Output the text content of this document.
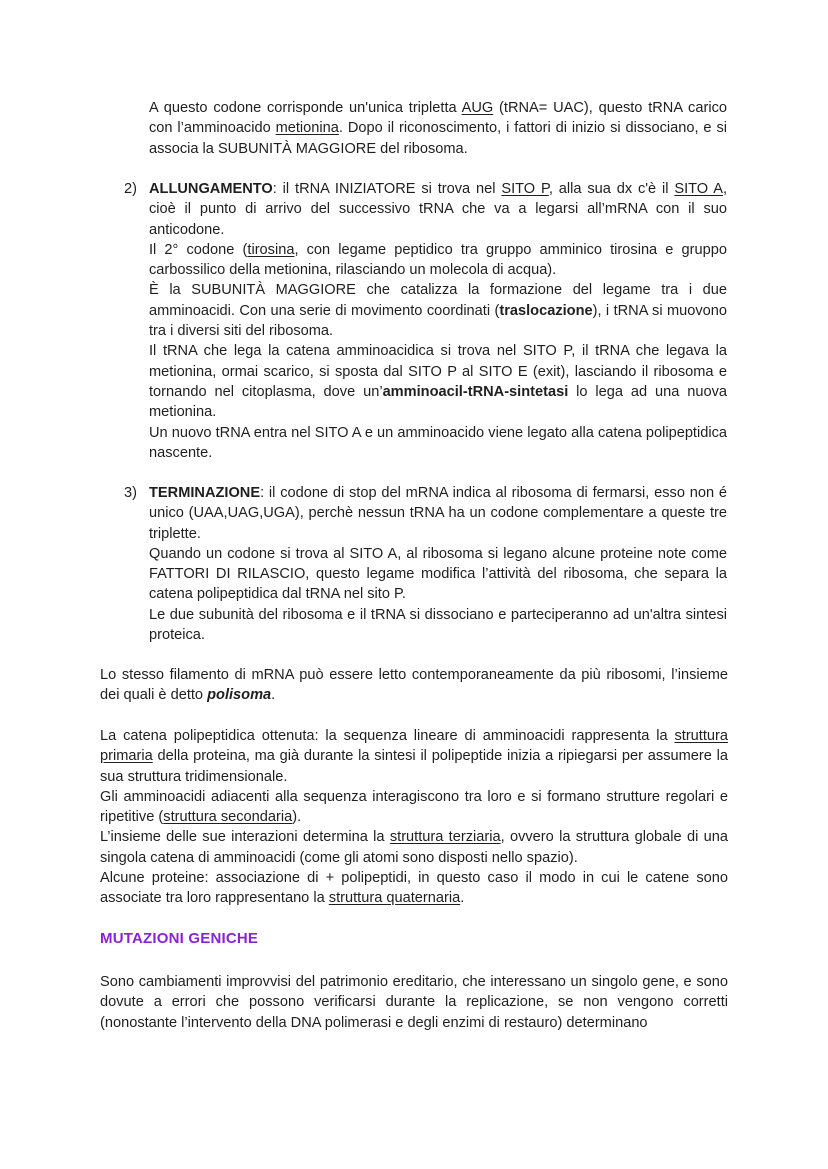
A questo codone corrisponde un'unica tripletta AUG (tRNA= UAC), questo tRNA carico con l’amminoacido metionina. Dopo il riconoscimento, i fattori di inizio si dissociano, e si associa la SUBUNITÀ MAGGIORE del ribosoma.

2) ALLUNGAMENTO: il tRNA INIZIATORE si trova nel SITO P, alla sua dx c'è il SITO A, cioè il punto di arrivo del successivo tRNA che va a legarsi all’mRNA con il suo anticodone.
Il 2° codone (tirosina, con legame peptidico tra gruppo amminico tirosina e gruppo carbossilico della metionina, rilasciando un molecola di acqua).
È la SUBUNITÀ MAGGIORE che catalizza la formazione del legame tra i due amminoacidi. Con una serie di movimento coordinati (traslocazione), i tRNA si muovono tra i diversi siti del ribosoma.
Il tRNA che lega la catena amminoacidica si trova nel SITO P, il tRNA che legava la metionina, ormai scarico, si sposta dal SITO P al SITO E (exit), lasciando il ribosoma e tornando nel citoplasma, dove un’amminoacil-tRNA-sintetasi lo lega ad una nuova metionina.
Un nuovo tRNA entra nel SITO A e un amminoacido viene legato alla catena polipeptidica nascente.
3) TERMINAZIONE: il codone di stop del mRNA indica al ribosoma di fermarsi, esso non é unico (UAA,UAG,UGA), perchè nessun tRNA ha un codone complementare a queste tre triplette.
Quando un codone si trova al SITO A, al ribosoma si legano alcune proteine note come FATTORI DI RILASCIO, questo legame modifica l’attività del ribosoma, che separa la catena polipeptidica dal tRNA nel sito P.
Le due subunità del ribosoma e il tRNA si dissociano e parteciperanno ad un'altra sintesi proteica.

Lo stesso filamento di mRNA può essere letto contemporaneamente da più ribosomi, l’insieme dei quali è detto polisoma.

La catena polipeptidica ottenuta: la sequenza lineare di amminoacidi rappresenta la struttura primaria della proteina, ma già durante la sintesi il polipeptide inizia a ripiegarsi per assumere la sua struttura tridimensionale.
Gli amminoacidi adiacenti alla sequenza interagiscono tra loro e si formano strutture regolari e ripetitive (struttura secondaria).
L’insieme delle sue interazioni determina la struttura terziaria, ovvero la struttura globale di una singola catena di amminoacidi (come gli atomi sono disposti nello spazio).
Alcune proteine: associazione di + polipeptidi, in questo caso il modo in cui le catene sono associate tra loro rappresentano la struttura quaternaria.
MUTAZIONI GENICHE

Sono cambiamenti improvvisi del patrimonio ereditario, che interessano un singolo gene, e sono dovute a errori che possono verificarsi durante la replicazione, se non vengono corretti (nonostante l’intervento della DNA polimerasi e degli enzimi di restauro) determinano
